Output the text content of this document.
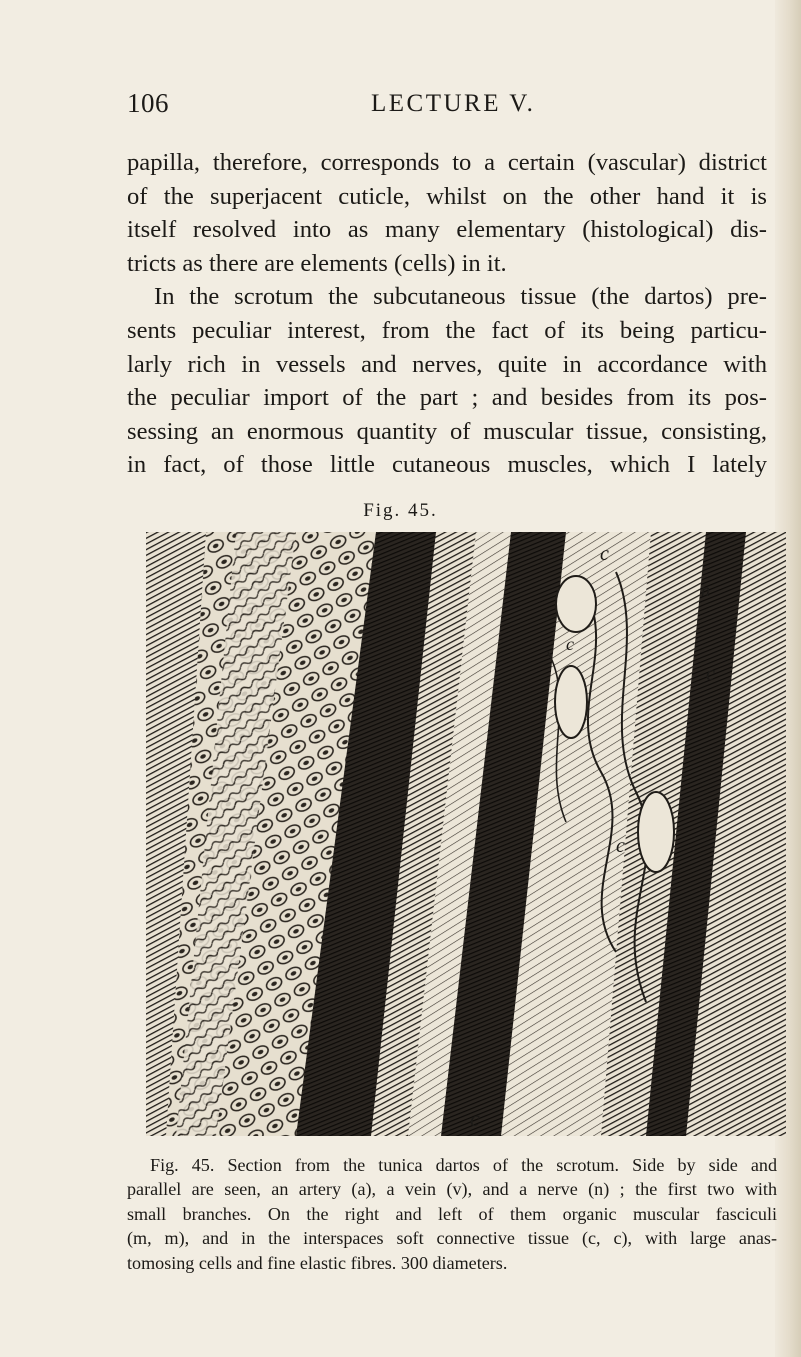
106	LECTURE V.
papilla, therefore, corresponds to a certain (vascular) district
of the superjacent cuticle, whilst on the other hand it is
itself resolved into as many elementary (histological) dis-
tricts as there are elements (cells) in it.
In the scrotum the subcutaneous tissue (the dartos) pre-
sents peculiar interest, from the fact of its being particu-
larly rich in vessels and nerves, quite in accordance with
the peculiar import of the part ; and besides from its pos-
sessing an enormous quantity of muscular tissue, consisting,
in fact, of those little cutaneous muscles, which I lately
Fig. 45.
c
c
c
c
c
n
Fig. 45. Section from the tunica dartos of the scrotum. Side by side and
parallel are seen, an artery (a), a vein (v), and a nerve (n) ; the first two with
small branches. On the right and left of them organic muscular fasciculi
(m, m), and in the interspaces soft connective tissue (c, c), with large anas-
tomosing cells and fine elastic fibres. 300 diameters.
